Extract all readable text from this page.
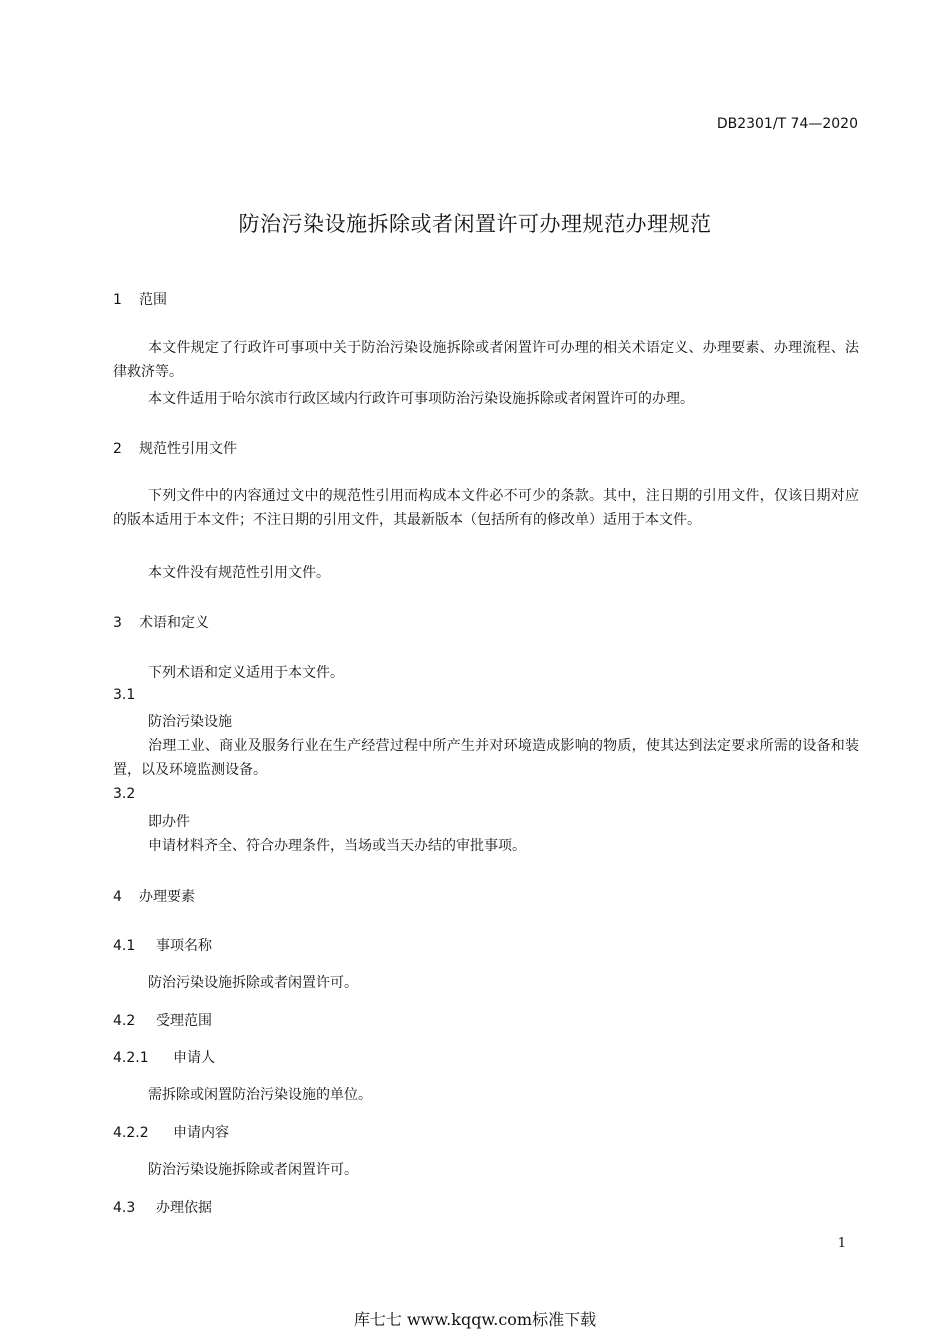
DB2301/T 74—2020
防治污染设施拆除或者闲置许可办理规范办理规范
1 范围
本文件规定了行政许可事项中关于防治污染设施拆除或者闲置许可办理的相关术语定义、办理要素、办理流程、法律救济等。
本文件适用于哈尔滨市行政区域内行政许可事项防治污染设施拆除或者闲置许可的办理。
2 规范性引用文件
下列文件中的内容通过文中的规范性引用而构成本文件必不可少的条款。其中，注日期的引用文件，仅该日期对应的版本适用于本文件；不注日期的引用文件，其最新版本（包括所有的修改单）适用于本文件。
本文件没有规范性引用文件。
3 术语和定义
下列术语和定义适用于本文件。
3.1
防治污染设施
治理工业、商业及服务行业在生产经营过程中所产生并对环境造成影响的物质，使其达到法定要求所需的设备和装置，以及环境监测设备。
3.2
即办件
申请材料齐全、符合办理条件，当场或当天办结的审批事项。
4 办理要素
4.1 事项名称
防治污染设施拆除或者闲置许可。
4.2 受理范围
4.2.1 申请人
需拆除或闲置防治污染设施的单位。
4.2.2 申请内容
防治污染设施拆除或者闲置许可。
4.3 办理依据
1
库七七 www.kqqw.com标准下载
